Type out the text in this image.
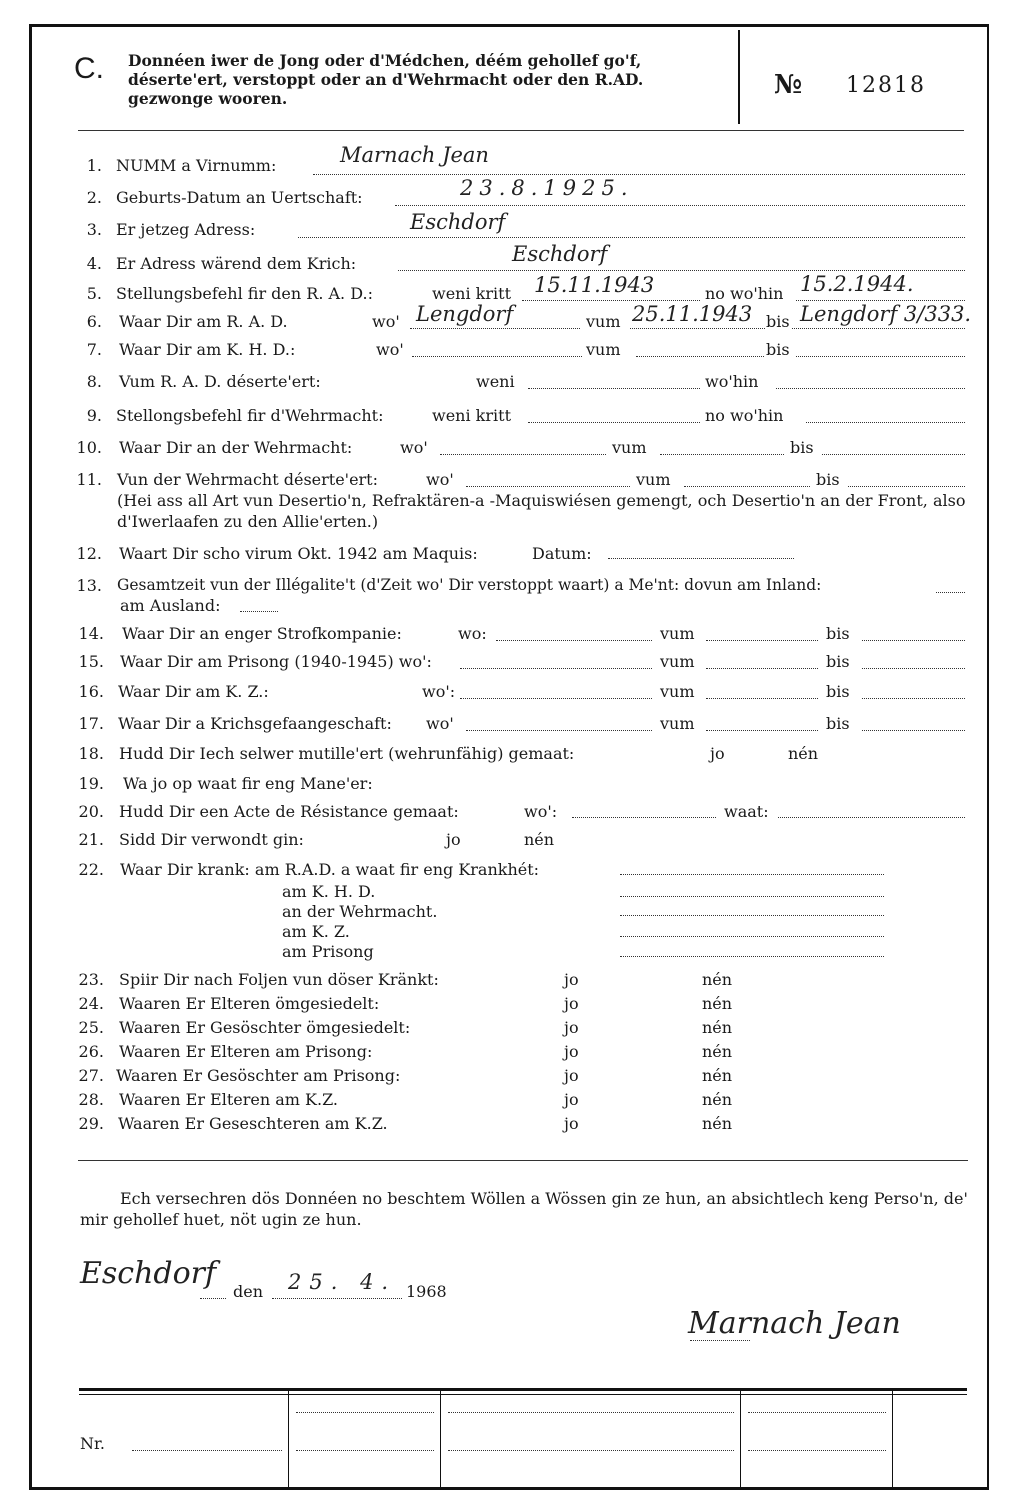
C. Donnéen iwer de Jong oder d'Médchen, déém gehollef go'f, déserte'ert, verstoppt oder an d'Wehrmacht oder den R.AD. gezwonge wooren.	№ 12818
1. NUMM a Virnumm:	Marnach Jean
2. Geburts-Datum an Uertschaft:	23.8.1925.
3. Er jetzeg Adress:	Eschdorf
4. Er Adress wärend dem Krich:	Eschdorf
5. Stellungsbefehl fir den R. A. D.:	weni kritt 15.11.1943	no wo'hin 15.2.1944.
6. Waar Dir am R. A. D.	wo' Lengdorf	vum 25.11.1943 bis Lengdorf 3/333.
7. Waar Dir am K. H. D.:	wo'	vum	bis
8. Vum R. A. D. déserte'ert:	weni	wo'hin
9. Stellongsbefehl fir d'Wehrmacht:	weni kritt	no wo'hin
10. Waar Dir an der Wehrmacht:	wo'	vum	bis
11. Vun der Wehrmacht déserte'ert:	wo'	vum	bis
(Hei ass all Art vun Desertio'n, Refraktären-a -Maquiswiésen gemengt, och Desertio'n an der Front, also d'Iwerlaafen zu den Allie'erten.)
12. Waart Dir scho virum Okt. 1942 am Maquis:	Datum:
13. Gesamtzeit vun der Illégalite't (d'Zeit wo' Dir verstoppt waart) a Me'nt: dovun am Inland:
am Ausland:
14. Waar Dir an enger Strofkompanie:	wo:	vum	bis
15. Waar Dir am Prisong (1940-1945) wo':	vum	bis
16. Waar Dir am K. Z.:	wo':	vum	bis
17. Waar Dir a Krichsgefaangeschaft: wo'	vum	bis
18. Hudd Dir Iech selwer mutille'ert (wehrunfähig) gemaat:	jo	nén
19. Wa jo op waat fir eng Mane'er:
20. Hudd Dir een Acte de Résistance gemaat:	wo':	waat:
21. Sidd Dir verwondt gin:	jo	nén
22. Waar Dir krank: am R.A.D. a waat fir eng Krankhét:
am K. H. D.
an der Wehrmacht.
am K. Z.
am Prisong
23. Spiir Dir nach Foljen vun döser Kränkt:	jo	nén
24. Waaren Er Elteren ömgesiedelt:	jo	nén
25. Waaren Er Gesöschter ömgesiedelt:	jo	nén
26. Waaren Er Elteren am Prisong:	jo	nén
27. Waaren Er Gesöschter am Prisong:	jo	nén
28. Waaren Er Elteren am K.Z.	jo	nén
29. Waaren Er Geseschteren am K.Z.	jo	nén
Ech versechren dös Donnéen no beschtem Wöllen a Wössen gin ze hun, an absichtlech keng Perso'n, de' mir gehollef huet, nöt ugin ze hun.
Eschdorf
den 25. 4. 1968
Marnach Jean
Nr.
